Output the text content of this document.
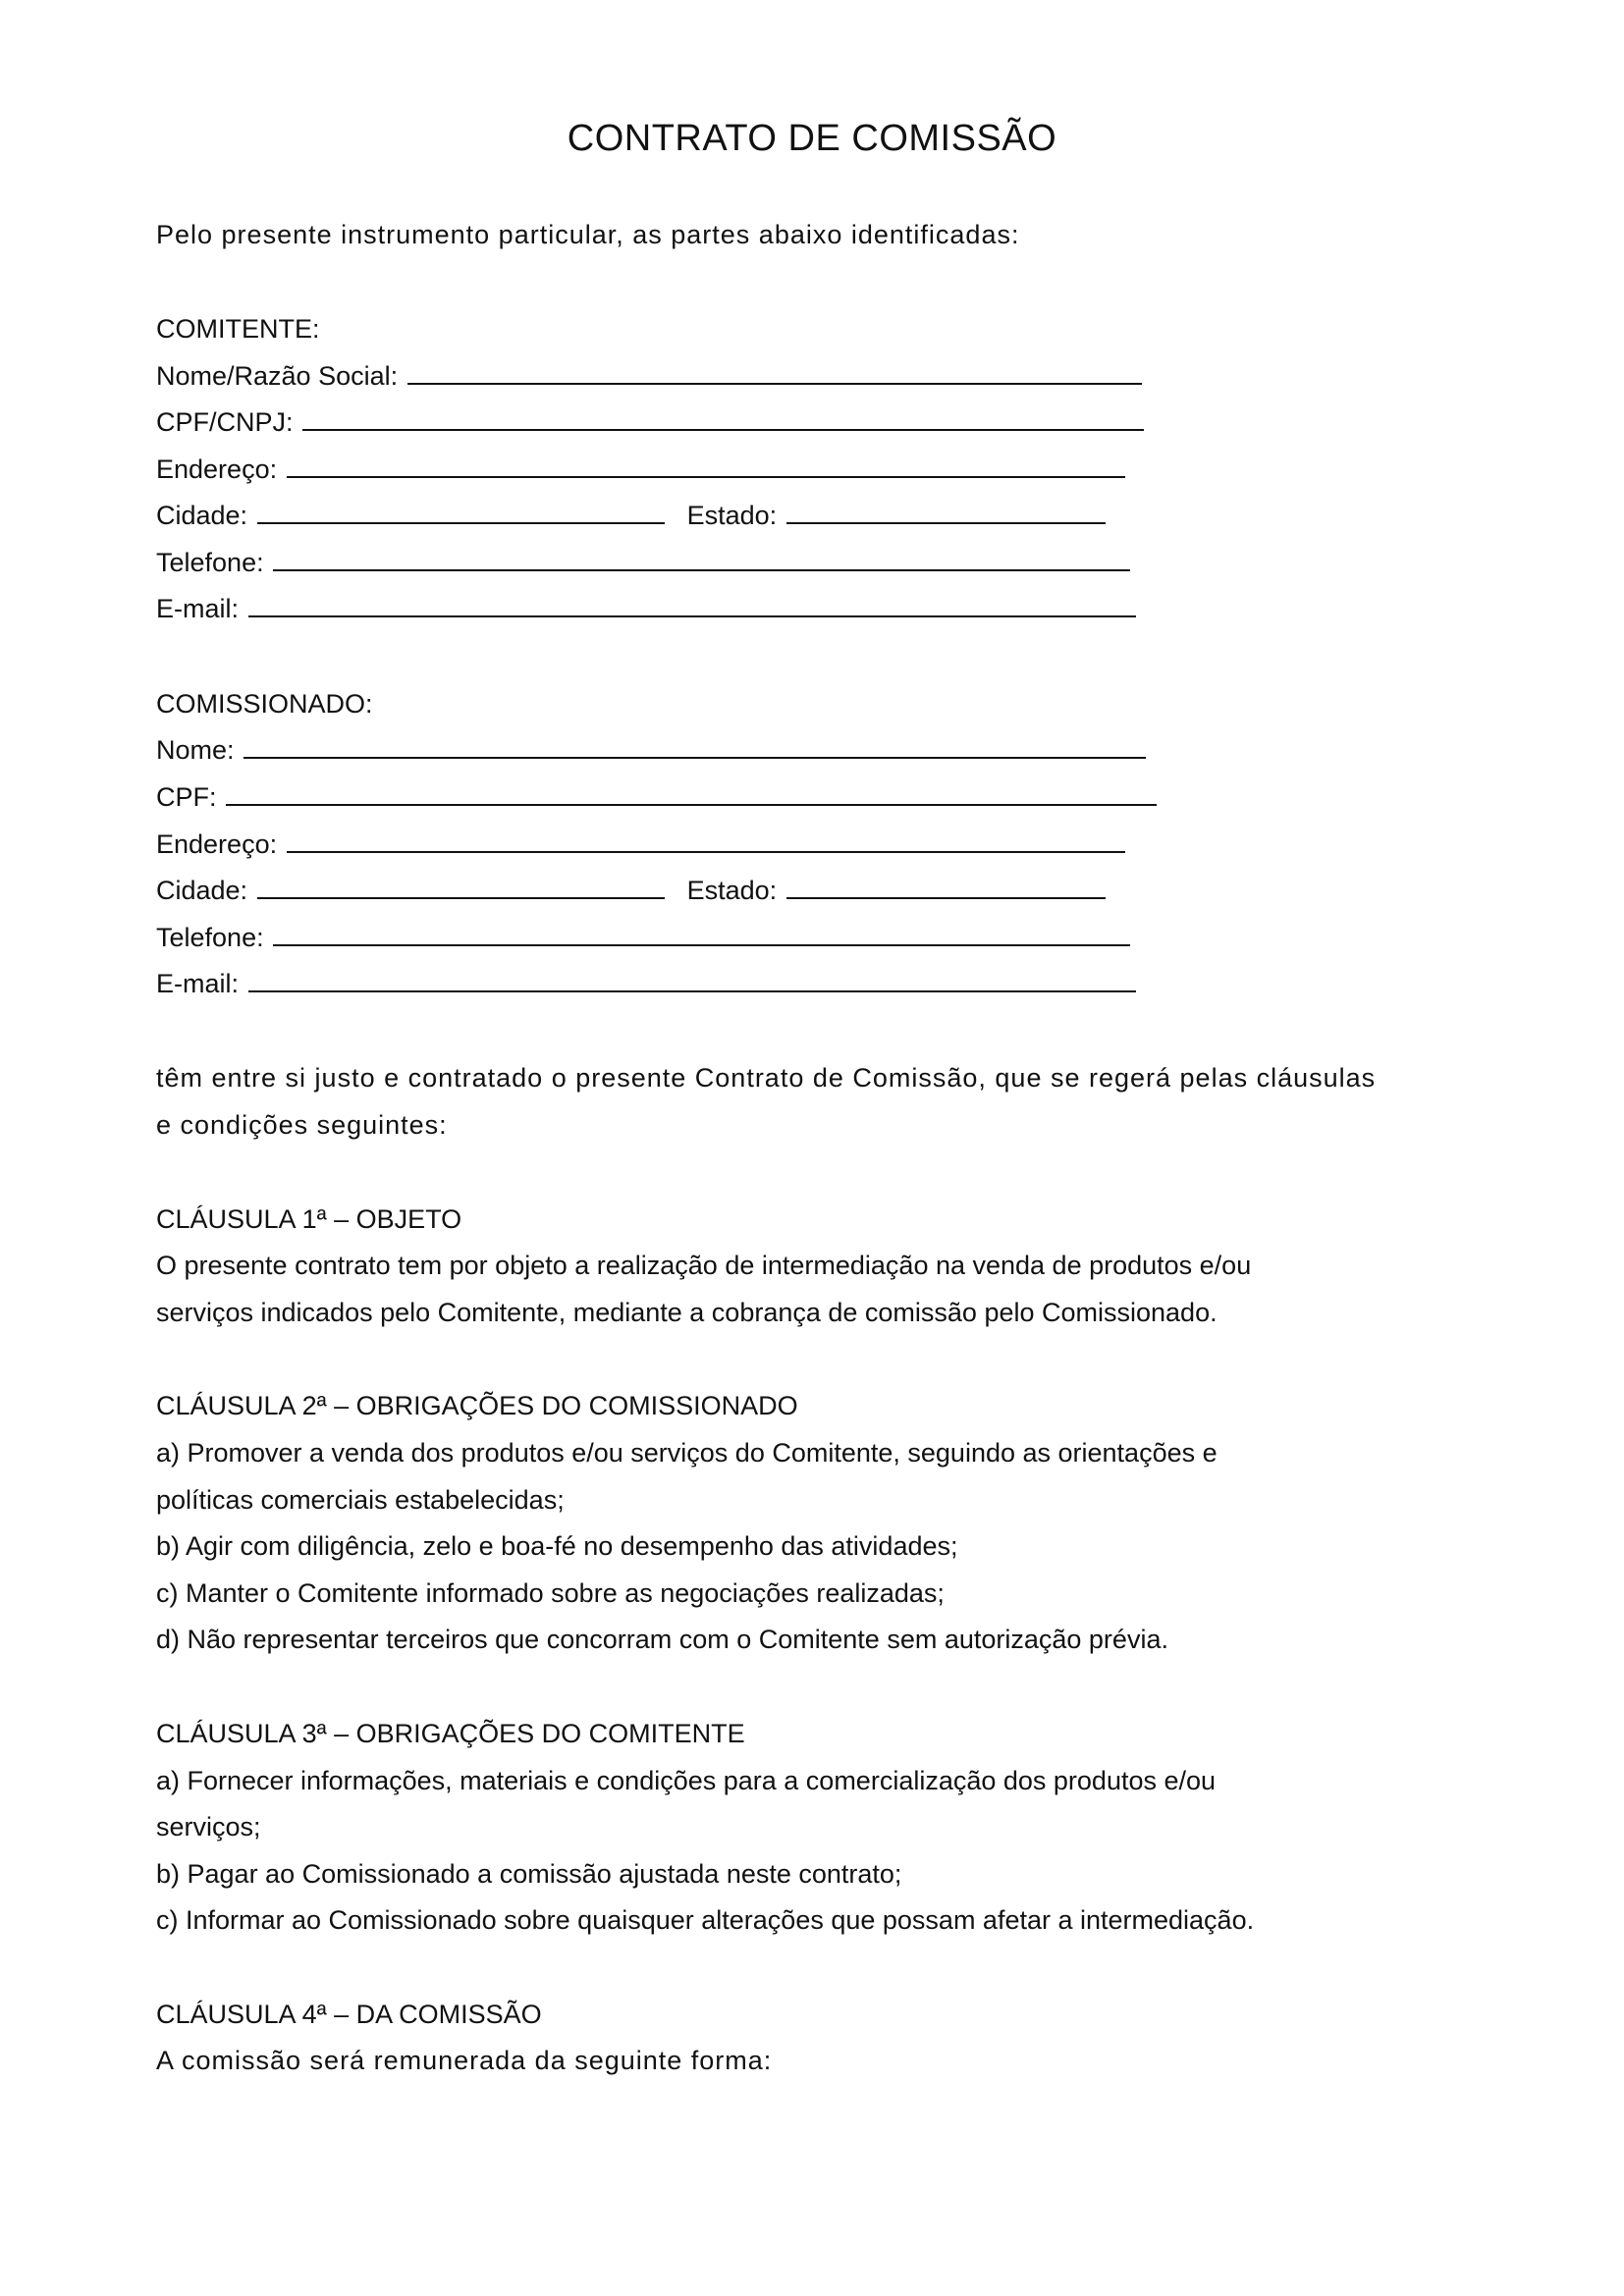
CONTRATO DE COMISSÃO
Pelo presente instrumento particular, as partes abaixo identificadas:
COMITENTE:
Nome/Razão Social:
CPF/CNPJ:
Endereço:
Cidade:	Estado:
Telefone:
E-mail:
COMISSIONADO:
Nome:
CPF:
Endereço:
Cidade:	Estado:
Telefone:
E-mail:
têm entre si justo e contratado o presente Contrato de Comissão, que se regerá pelas cláusulas
e condições seguintes:
CLÁUSULA 1ª – OBJETO
O presente contrato tem por objeto a realização de intermediação na venda de produtos e/ou
serviços indicados pelo Comitente, mediante a cobrança de comissão pelo Comissionado.
CLÁUSULA 2ª – OBRIGAÇÕES DO COMISSIONADO
a) Promover a venda dos produtos e/ou serviços do Comitente, seguindo as orientações e
políticas comerciais estabelecidas;
b) Agir com diligência, zelo e boa-fé no desempenho das atividades;
c) Manter o Comitente informado sobre as negociações realizadas;
d) Não representar terceiros que concorram com o Comitente sem autorização prévia.
CLÁUSULA 3ª – OBRIGAÇÕES DO COMITENTE
a) Fornecer informações, materiais e condições para a comercialização dos produtos e/ou
serviços;
b) Pagar ao Comissionado a comissão ajustada neste contrato;
c) Informar ao Comissionado sobre quaisquer alterações que possam afetar a intermediação.
CLÁUSULA 4ª – DA COMISSÃO
A comissão será remunerada da seguinte forma:
